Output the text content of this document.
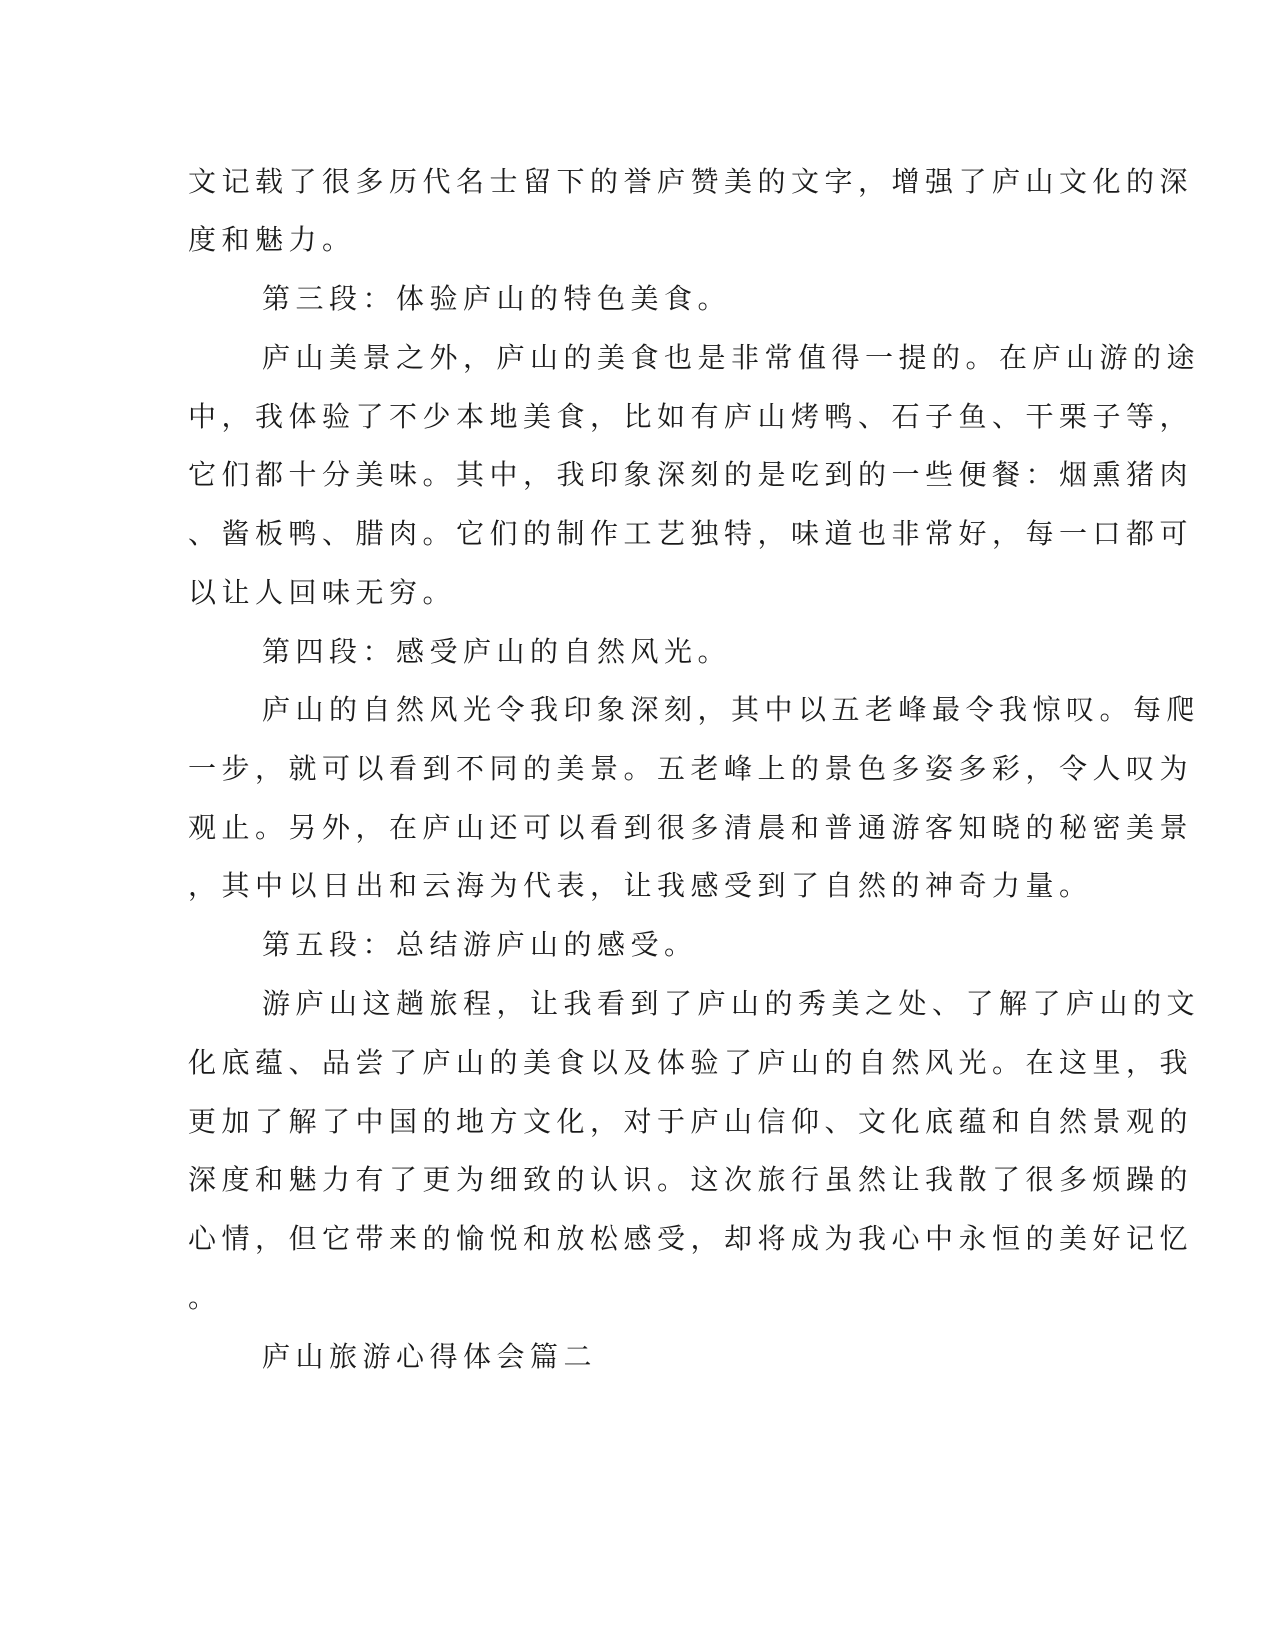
文记载了很多历代名士留下的誉庐赞美的文字，增强了庐山文化的深
度和魅力。
第三段：体验庐山的特色美食。
庐山美景之外，庐山的美食也是非常值得一提的。在庐山游的途
中，我体验了不少本地美食，比如有庐山烤鸭、石子鱼、干栗子等，
它们都十分美味。其中，我印象深刻的是吃到的一些便餐：烟熏猪肉
、酱板鸭、腊肉。它们的制作工艺独特，味道也非常好，每一口都可
以让人回味无穷。
第四段：感受庐山的自然风光。
庐山的自然风光令我印象深刻，其中以五老峰最令我惊叹。每爬
一步，就可以看到不同的美景。五老峰上的景色多姿多彩，令人叹为
观止。另外，在庐山还可以看到很多清晨和普通游客知晓的秘密美景
，其中以日出和云海为代表，让我感受到了自然的神奇力量。
第五段：总结游庐山的感受。
游庐山这趟旅程，让我看到了庐山的秀美之处、了解了庐山的文
化底蕴、品尝了庐山的美食以及体验了庐山的自然风光。在这里，我
更加了解了中国的地方文化，对于庐山信仰、文化底蕴和自然景观的
深度和魅力有了更为细致的认识。这次旅行虽然让我散了很多烦躁的
心情，但它带来的愉悦和放松感受，却将成为我心中永恒的美好记忆
。
庐山旅游心得体会篇二
